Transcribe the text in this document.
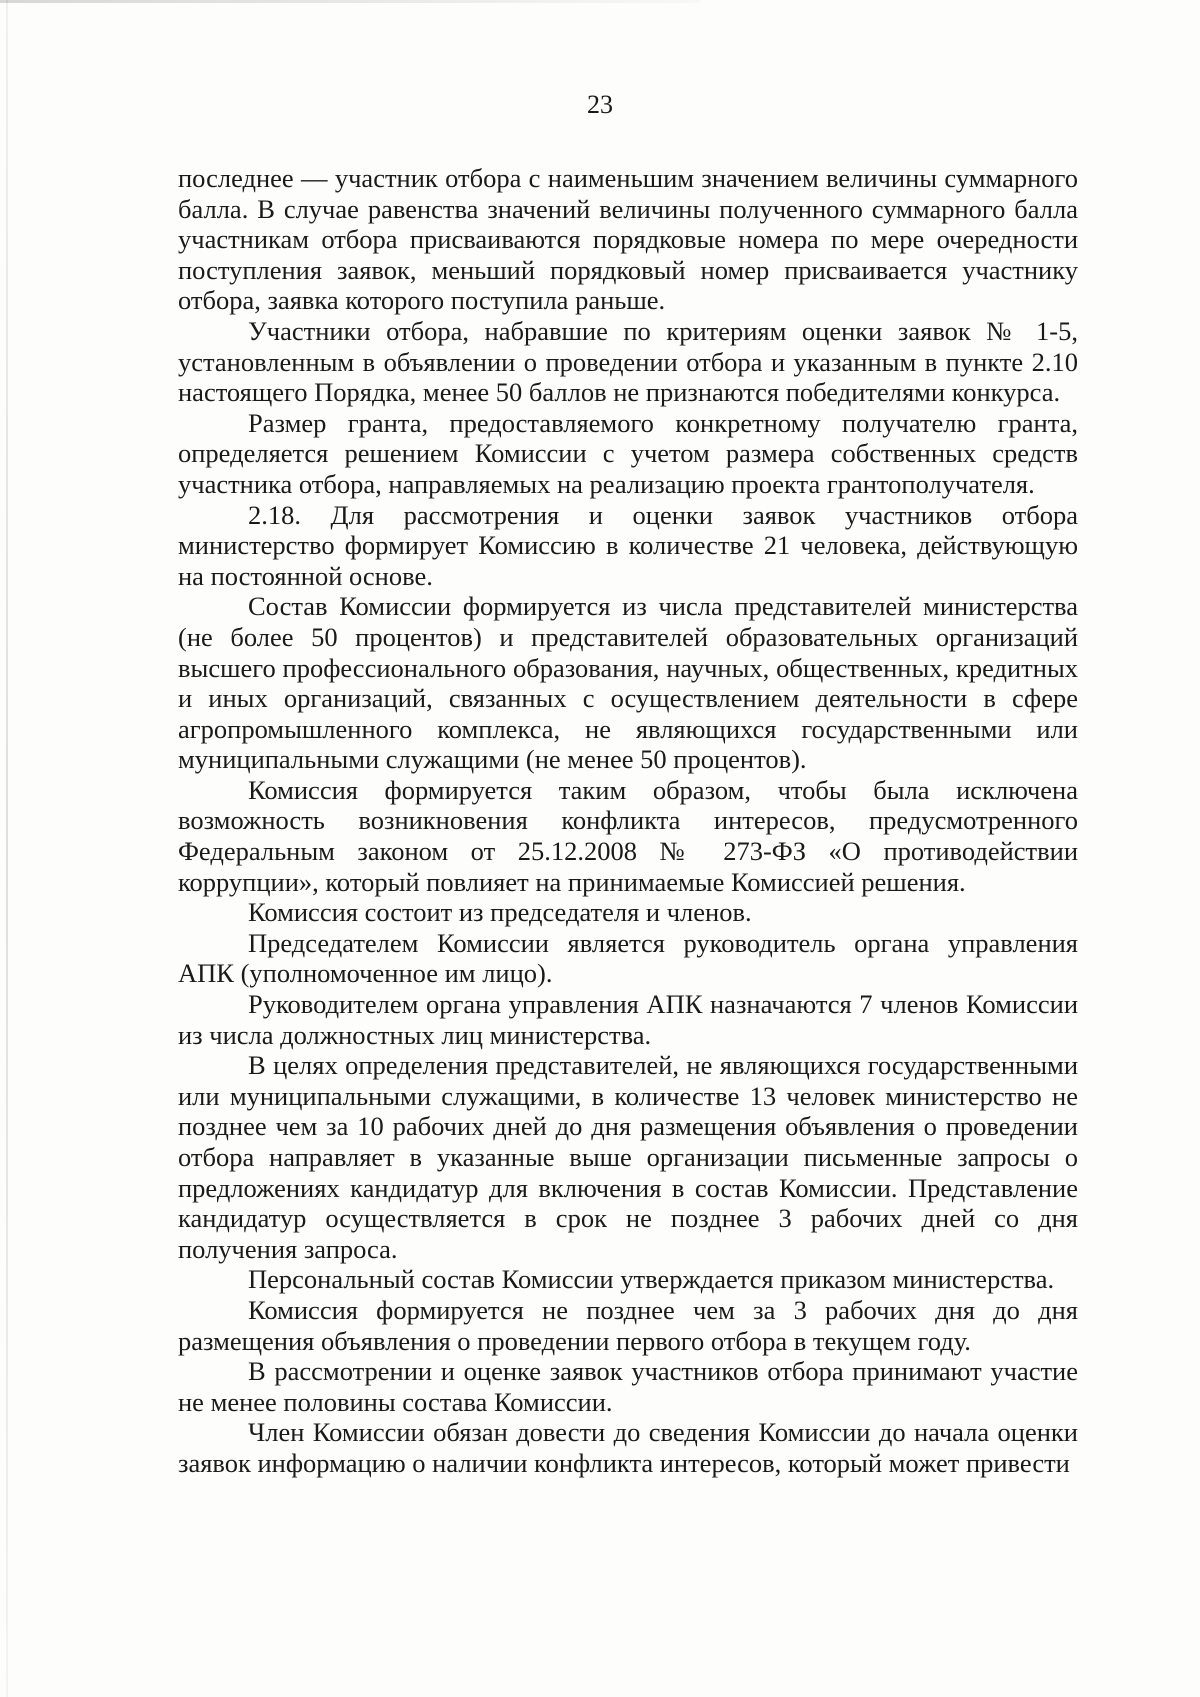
23

последнее — участник отбора с наименьшим значением величины суммарного балла. В случае равенства значений величины полученного суммарного балла участникам отбора присваиваются порядковые номера по мере очередности поступления заявок, меньший порядковый номер присваивается участнику отбора, заявка которого поступила раньше.

Участники отбора, набравшие по критериям оценки заявок № 1-5, установленным в объявлении о проведении отбора и указанным в пункте 2.10 настоящего Порядка, менее 50 баллов не признаются победителями конкурса.

Размер гранта, предоставляемого конкретному получателю гранта, определяется решением Комиссии с учетом размера собственных средств участника отбора, направляемых на реализацию проекта грантополучателя.

2.18. Для рассмотрения и оценки заявок участников отбора министерство формирует Комиссию в количестве 21 человека, действующую на постоянной основе.

Состав Комиссии формируется из числа представителей министерства (не более 50 процентов) и представителей образовательных организаций высшего профессионального образования, научных, общественных, кредитных и иных организаций, связанных с осуществлением деятельности в сфере агропромышленного комплекса, не являющихся государственными или муниципальными служащими (не менее 50 процентов).

Комиссия формируется таким образом, чтобы была исключена возможность возникновения конфликта интересов, предусмотренного Федеральным законом от 25.12.2008 № 273-ФЗ «О противодействии коррупции», который повлияет на принимаемые Комиссией решения.

Комиссия состоит из председателя и членов.

Председателем Комиссии является руководитель органа управления АПК (уполномоченное им лицо).

Руководителем органа управления АПК назначаются 7 членов Комиссии из числа должностных лиц министерства.

В целях определения представителей, не являющихся государственными или муниципальными служащими, в количестве 13 человек министерство не позднее чем за 10 рабочих дней до дня размещения объявления о проведении отбора направляет в указанные выше организации письменные запросы о предложениях кандидатур для включения в состав Комиссии. Представление кандидатур осуществляется в срок не позднее 3 рабочих дней со дня получения запроса.

Персональный состав Комиссии утверждается приказом министерства.

Комиссия формируется не позднее чем за 3 рабочих дня до дня размещения объявления о проведении первого отбора в текущем году.

В рассмотрении и оценке заявок участников отбора принимают участие не менее половины состава Комиссии.

Член Комиссии обязан довести до сведения Комиссии до начала оценки заявок информацию о наличии конфликта интересов, который может привести
